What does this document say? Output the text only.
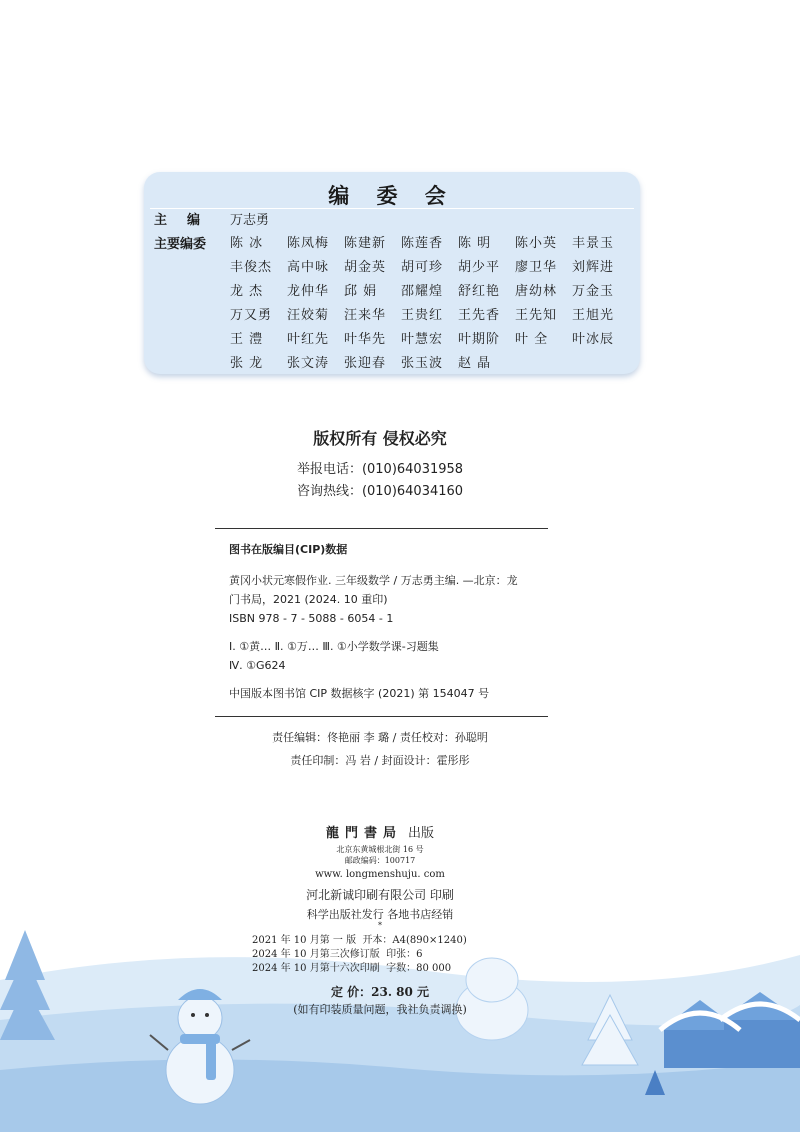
编 委 会
主编 万志勇
主要编委 陈 冰	陈凤梅	陈建新	陈莲香	陈 明	陈小英	丰景玉
丰俊杰	高中咏	胡金英	胡可珍	胡少平	廖卫华	刘辉进
龙 杰	龙仲华	邱 娟	邵耀煌	舒红艳	唐幼林	万金玉
万又勇	汪姣菊	汪来华	王贵红	王先香	王先知	王旭光
王 澧	叶红先	叶华先	叶慧宏	叶期阶	叶 全	叶冰辰
张 龙	张文涛	张迎春	张玉波	赵 晶
版权所有 侵权必究
举报电话：(010)64031958
咨询热线：(010)64034160
图书在版编目(CIP)数据
黄冈小状元寒假作业. 三年级数学 / 万志勇主编. —北京：龙
门书局，2021 (2024. 10 重印)
ISBN 978 - 7 - 5088 - 6054 - 1
Ⅰ. ①黄… Ⅱ. ①万… Ⅲ. ①小学数学课-习题集
Ⅳ. ①G624
中国版本图书馆 CIP 数据核字 (2021) 第 154047 号
责任编辑：佟艳丽 李 璐 / 责任校对：孙聪明
责任印制：冯 岩 / 封面设计：霍彤彤
龍門書局 出版
北京东黄城根北街 16 号
邮政编码：100717
www. longmenshuju. com
河北新诚印刷有限公司 印刷
科学出版社发行 各地书店经销
*
2021 年 10 月第 一 版 开本：A4(890×1240)
2024 年 10 月第三次修订版 印张：6
2024 年 10 月第十六次印刷 字数：80 000
定 价：23. 80 元
(如有印装质量问题，我社负责调换)
